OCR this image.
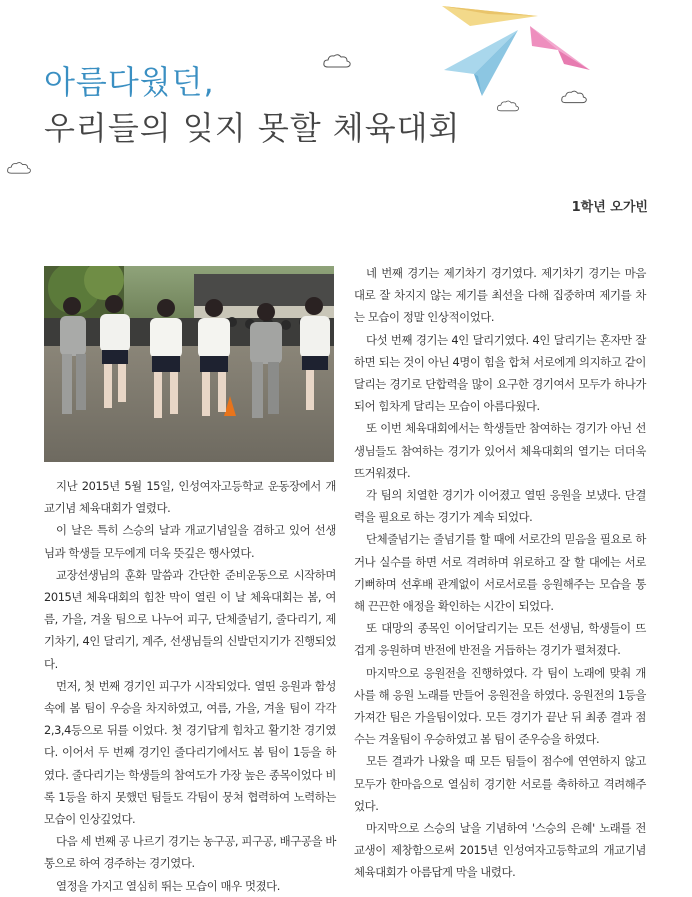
아름다웠던,
우리들의 잊지 못할 체육대회
1학년 오가빈

지난 2015년 5월 15일, 인성여자고등학교 운동장에서 개교기념 체육대회가 열렸다.

이 날은 특히 스승의 날과 개교기념일을 겸하고 있어 선생님과 학생들 모두에게 더욱 뜻깊은 행사였다.

교장선생님의 훈화 말씀과 간단한 준비운동으로 시작하며 2015년 체육대회의 힘찬 막이 열린 이 날 체육대회는 봄, 여름, 가을, 겨울 팀으로 나누어 피구, 단체줄넘기, 줄다리기, 제기차기, 4인 달리기, 계주, 선생님들의 신발던지기가 진행되었다.

먼저, 첫 번째 경기인 피구가 시작되었다. 열띤 응원과 함성 속에 봄 팀이 우승을 차지하였고, 여름, 가을, 겨울 팀이 각각 2,3,4등으로 뒤를 이었다. 첫 경기답게 힘차고 활기찬 경기였다. 이어서 두 번째 경기인 줄다리기에서도 봄 팀이 1등을 하였다. 줄다리기는 학생들의 참여도가 가장 높은 종목이었다 비록 1등을 하지 못했던 팀들도 각팀이 뭉쳐 협력하여 노력하는 모습이 인상깊었다.

다음 세 번째 공 나르기 경기는 농구공, 피구공, 배구공을 바통으로 하여 경주하는 경기였다.

열정을 가지고 열심히 뛰는 모습이 매우 멋졌다.

네 번째 경기는 제기차기 경기였다. 제기차기 경기는 마음대로 잘 차지지 않는 제기를 최선을 다해 집중하며 제기를 차는 모습이 정말 인상적이었다.

다섯 번째 경기는 4인 달리기였다. 4인 달리기는 혼자만 잘 하면 되는 것이 아닌 4명이 힘을 합쳐 서로에게 의지하고 같이 달리는 경기로 단합력을 많이 요구한 경기여서 모두가 하나가되어 힘차게 달리는 모습이 아름다웠다.

또 이번 체육대회에서는 학생들만 참여하는 경기가 아닌 선생님들도 참여하는 경기가 있어서 체육대회의 열기는 더더욱 뜨거워졌다.

각 팀의 치열한 경기가 이어졌고 열띤 응원을 보냈다. 단결력을 필요로 하는 경기가 계속 되었다.

단체줄넘기는 줄넘기를 할 때에 서로간의 믿음을 필요로 하거나 실수를 하면 서로 격려하며 위로하고 잘 할 대에는 서로 기뻐하며 선후배 관계없이 서로서로를 응원해주는 모습을 통해 끈끈한 애정을 확인하는 시간이 되었다.

또 대망의 종목인 이어달리기는 모든 선생님, 학생들이 뜨겁게 응원하며 반전에 반전을 거듭하는 경기가 펼쳐졌다.

마지막으로 응원전을 진행하였다. 각 팀이 노래에 맞춰 개사를 해 응원 노래를 만들어 응원전을 하였다. 응원전의 1등을 가져간 팀은 가을팀이었다. 모든 경기가 끝난 뒤 최종 결과 점수는 겨울팀이 우승하였고 봄 팀이 준우승을 하였다.

모든 결과가 나왔을 때 모든 팀들이 점수에 연연하지 않고 모두가 한마음으로 열심히 경기한 서로를 축하하고 격려해주었다.

마지막으로 스승의 날을 기념하여 '스승의 은혜' 노래를 전교생이 제창함으로써 2015년 인성여자고등학교의 개교기념체육대회가 아름답게 막을 내렸다.
